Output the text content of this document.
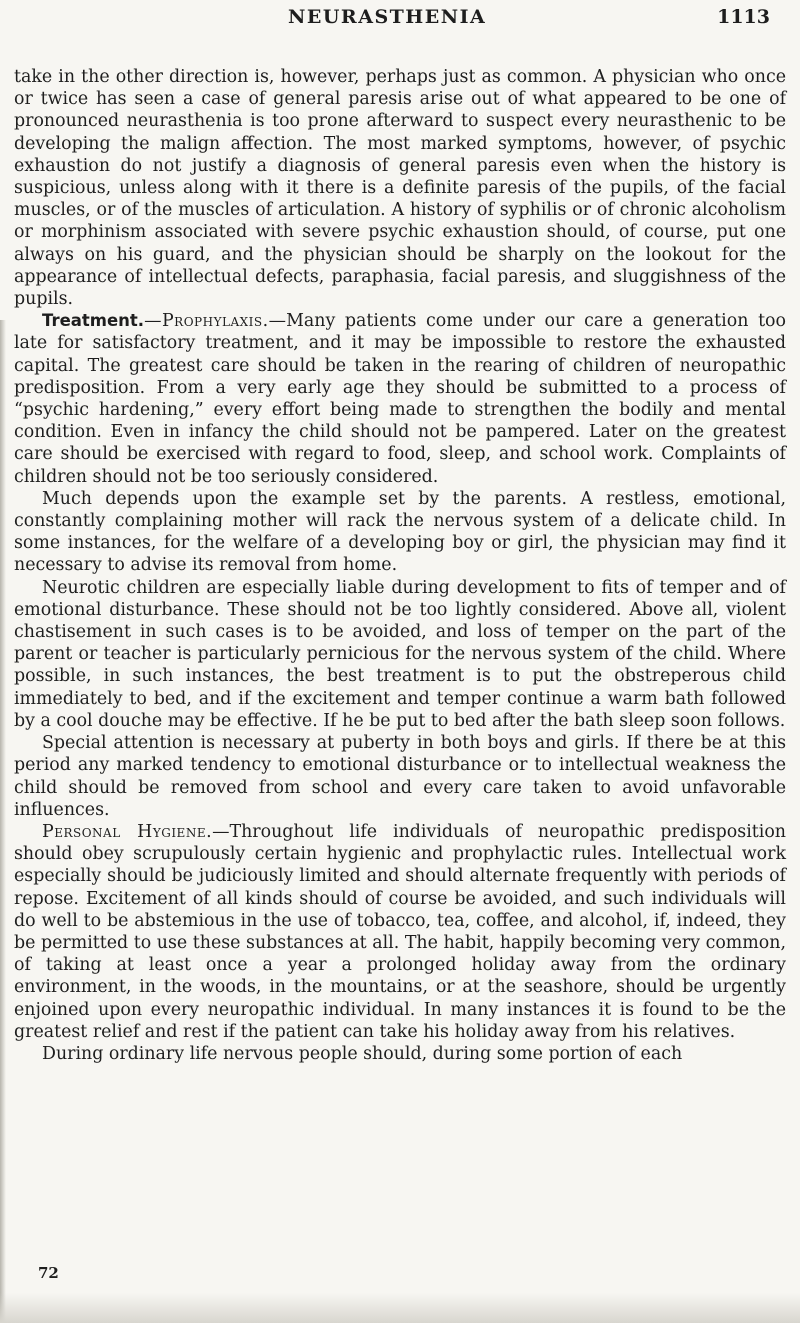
NEURASTHENIA	1113

take in the other direction is, however, perhaps just as common. A physician who once or twice has seen a case of general paresis arise out of what appeared to be one of pronounced neurasthenia is too prone afterward to suspect every neurasthenic to be developing the malign affection. The most marked symptoms, however, of psychic exhaustion do not justify a diagnosis of general paresis even when the history is suspicious, unless along with it there is a definite paresis of the pupils, of the facial muscles, or of the muscles of articulation. A history of syphilis or of chronic alcoholism or morphinism associated with severe psychic exhaustion should, of course, put one always on his guard, and the physician should be sharply on the lookout for the appearance of intellectual defects, paraphasia, facial paresis, and sluggishness of the pupils.

Treatment.—Prophylaxis.—Many patients come under our care a generation too late for satisfactory treatment, and it may be impossible to restore the exhausted capital. The greatest care should be taken in the rearing of children of neuropathic predisposition. From a very early age they should be submitted to a process of “psychic hardening,” every effort being made to strengthen the bodily and mental condition. Even in infancy the child should not be pampered. Later on the greatest care should be exercised with regard to food, sleep, and school work. Complaints of children should not be too seriously considered.

Much depends upon the example set by the parents. A restless, emotional, constantly complaining mother will rack the nervous system of a delicate child. In some instances, for the welfare of a developing boy or girl, the physician may find it necessary to advise its removal from home.

Neurotic children are especially liable during development to fits of temper and of emotional disturbance. These should not be too lightly considered. Above all, violent chastisement in such cases is to be avoided, and loss of temper on the part of the parent or teacher is particularly pernicious for the nervous system of the child. Where possible, in such instances, the best treatment is to put the obstreperous child immediately to bed, and if the excitement and temper continue a warm bath followed by a cool douche may be effective. If he be put to bed after the bath sleep soon follows.

Special attention is necessary at puberty in both boys and girls. If there be at this period any marked tendency to emotional disturbance or to intellectual weakness the child should be removed from school and every care taken to avoid unfavorable influences.

Personal Hygiene.—Throughout life individuals of neuropathic predisposition should obey scrupulously certain hygienic and prophylactic rules. Intellectual work especially should be judiciously limited and should alternate frequently with periods of repose. Excitement of all kinds should of course be avoided, and such individuals will do well to be abstemious in the use of tobacco, tea, coffee, and alcohol, if, indeed, they be permitted to use these substances at all. The habit, happily becoming very common, of taking at least once a year a prolonged holiday away from the ordinary environment, in the woods, in the mountains, or at the seashore, should be urgently enjoined upon every neuropathic individual. In many instances it is found to be the greatest relief and rest if the patient can take his holiday away from his relatives.

During ordinary life nervous people should, during some portion of each

72
